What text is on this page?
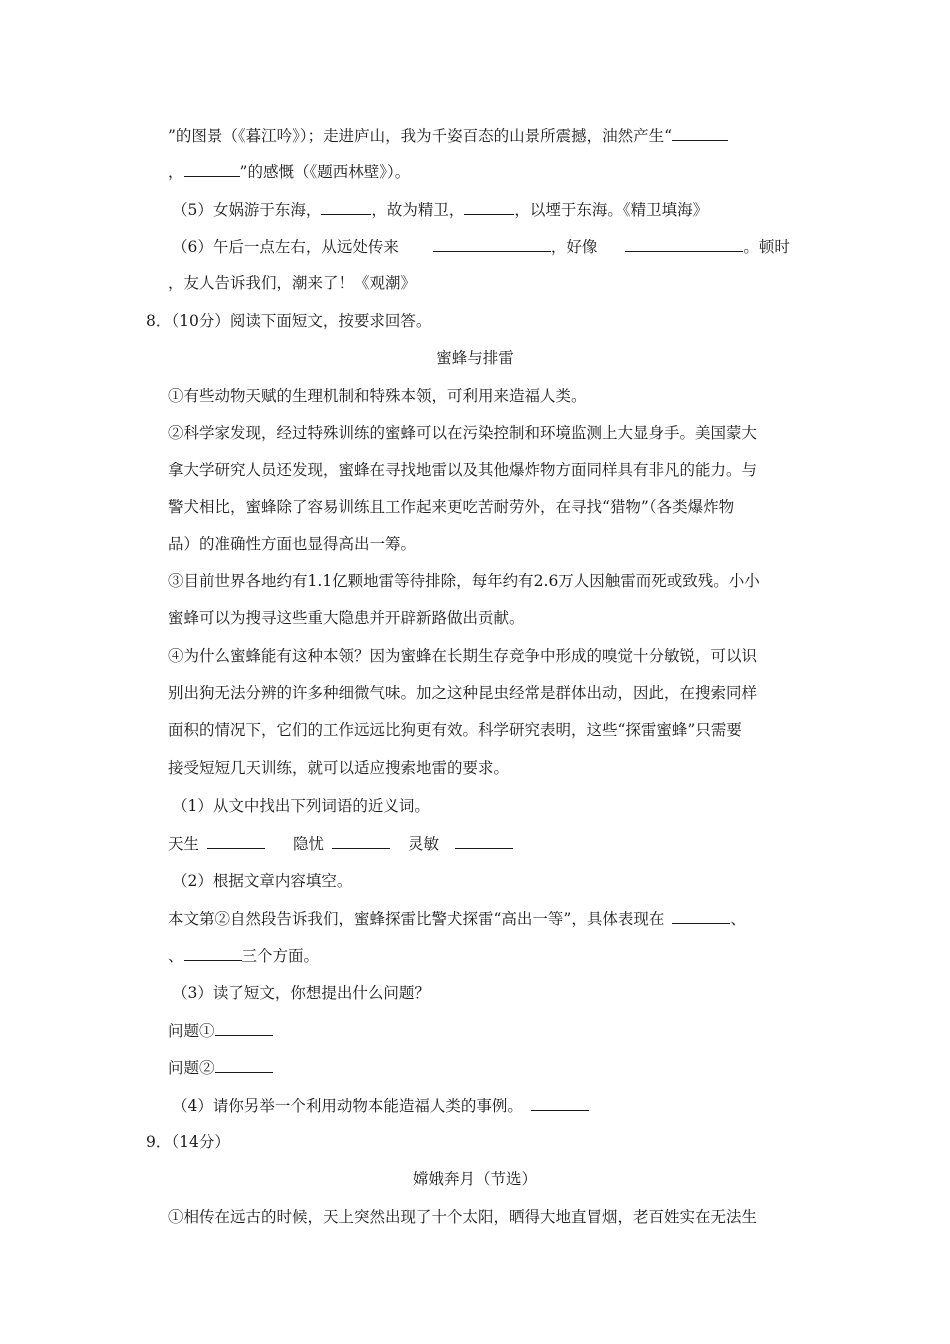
”的图景（《暮江吟》）；走进庐山，我为千姿百态的山景所震撼，油然产生“
，	”的感慨（《题西林壁》）。
（5）女娲游于东海，	，故为精卫，	，以堙于东海。《精卫填海》
（6）午后一点左右，从远处传来	，好像	。顿时
，友人告诉我们，潮来了！《观潮》
8．（10分）阅读下面短文，按要求回答。
蜜蜂与排雷
①有些动物天赋的生理机制和特殊本领，可利用来造福人类。
②科学家发现，经过特殊训练的蜜蜂可以在污染控制和环境监测上大显身手。美国蒙大
拿大学研究人员还发现，蜜蜂在寻找地雷以及其他爆炸物方面同样具有非凡的能力。与
警犬相比，蜜蜂除了容易训练且工作起来更吃苦耐劳外，在寻找“猎物”（各类爆炸物
品）的准确性方面也显得高出一筹。
③目前世界各地约有1.1亿颗地雷等待排除，每年约有2.6万人因触雷而死或致残。小小
蜜蜂可以为搜寻这些重大隐患并开辟新路做出贡献。
④为什么蜜蜂能有这种本领？因为蜜蜂在长期生存竞争中形成的嗅觉十分敏锐，可以识
别出狗无法分辨的许多种细微气味。加之这种昆虫经常是群体出动，因此，在搜索同样
面积的情况下，它们的工作远远比狗更有效。科学研究表明，这些“探雷蜜蜂”只需要
接受短短几天训练，就可以适应搜索地雷的要求。
（1）从文中找出下列词语的近义词。
天生	隐忧	灵敏
（2）根据文章内容填空。
本文第②自然段告诉我们，蜜蜂探雷比警犬探雷“高出一等”，具体表现在	、
、	三个方面。
（3）读了短文，你想提出什么问题？
问题①
问题②
（4）请你另举一个利用动物本能造福人类的事例。
9．（14分）
嫦娥奔月（节选）
①相传在远古的时候，天上突然出现了十个太阳，晒得大地直冒烟，老百姓实在无法生
